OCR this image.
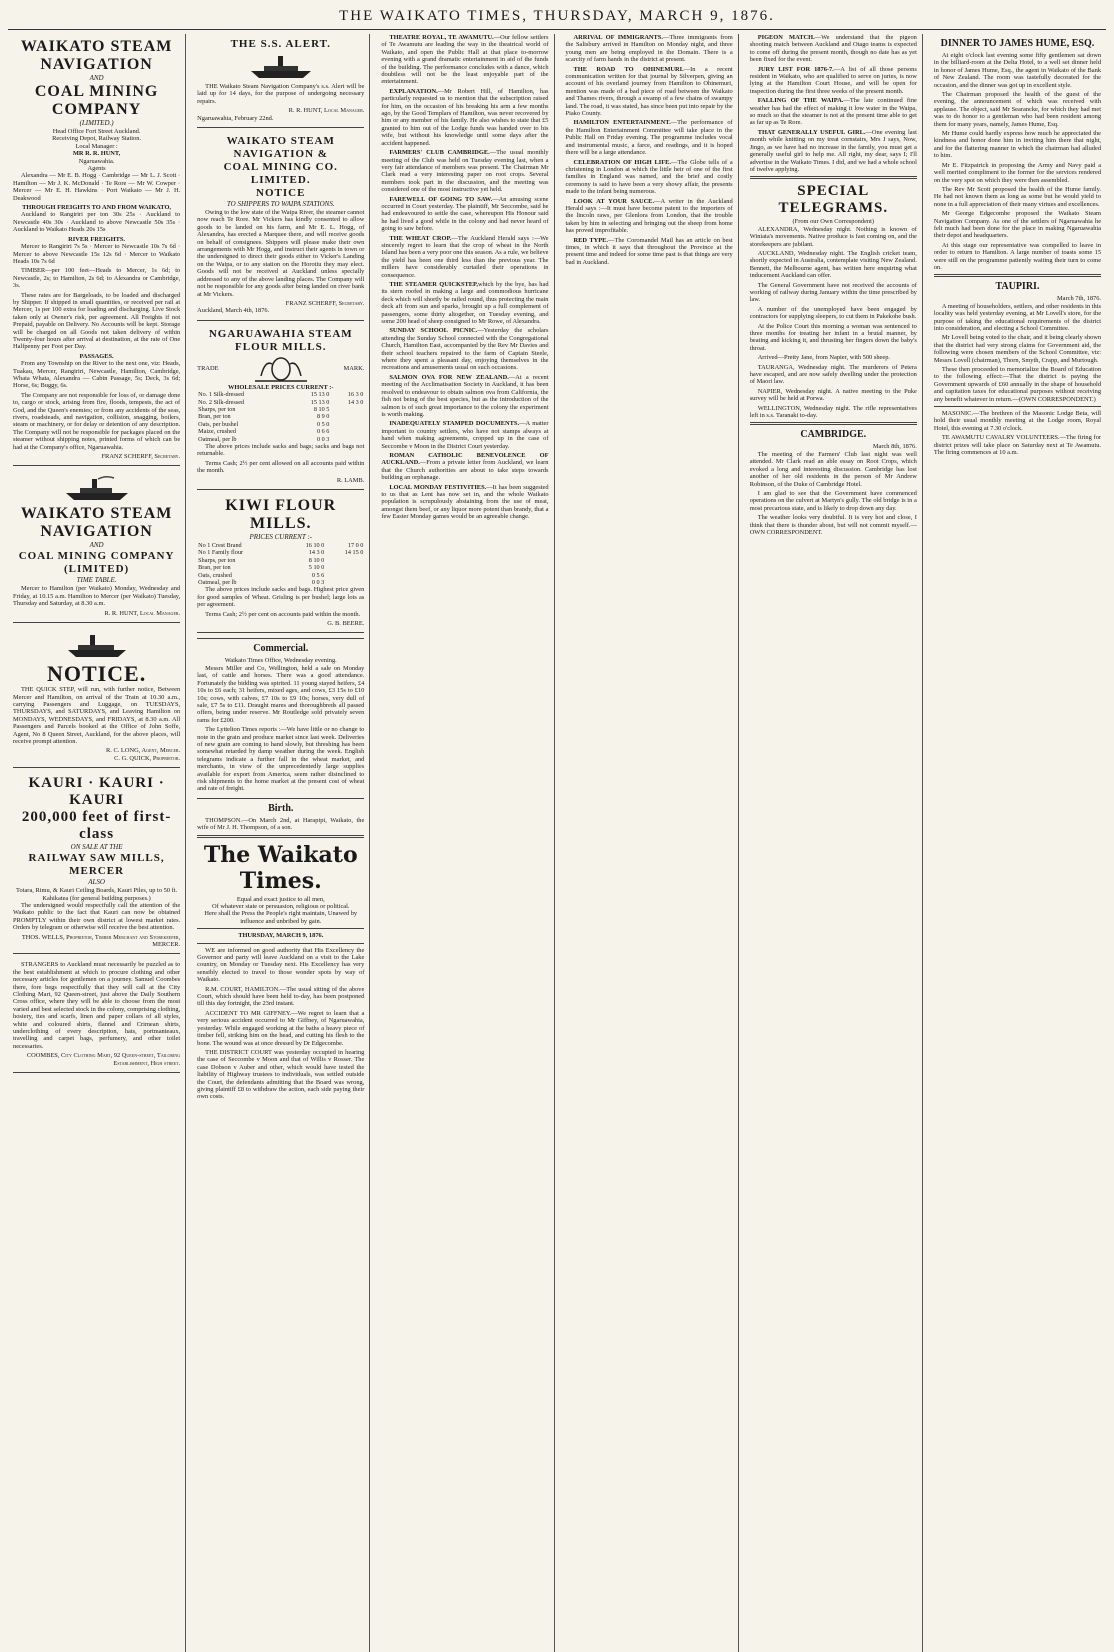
THE WAIKATO TIMES, THURSDAY, MARCH 9, 1876.
WAIKATO STEAM NAVIGATION
AND
COAL MINING COMPANY
(LIMITED.)
Head Office Fort Street Auckland.
Receiving Depot, Railway Station.
Local Manager :
MR R. R. HUNT,
Ngaruawahia.
Agents
Alexandra — Mr E. B. Hogg · Cambridge — Mr L. J. Scott · Hamilton — Mr J. K. McDonald · Te Rore — Mr W. Cowper · Mercer — Mr E. H. Hawkins · Port Waikato — Mr J. H. Deakwood
THROUGH FREIGHTS TO AND FROM WAIKATO,
Auckland to Rangiriri per ton 30s 25s · Auckland to Newcastle 40s 30s · Auckland to above Newcastle 50s 35s · Auckland to Waikato Heads 20s 15s
RIVER FREIGHTS.
Mercer to Rangiriri 7s 5s · Mercer to Newcastle 10s 7s 6d · Mercer to above Newcastle 15s 12s 6d · Mercer to Waikato Heads 10s 7s 6d
TIMBER—per 100 feet—Heads to Mercer, 1s 6d; to Newcastle, 2s; to Hamilton, 2s 6d; to Alexandra or Cambridge, 3s.
These rates are for Bargeloads, to be loaded and discharged by Shipper. If shipped in small quantities, or received per rail at Mercer, 1s per 100 extra for loading and discharging. Live Stock taken only at Owner's risk, per agreement. All Freights if not Prepaid, payable on Delivery. No Accounts will be kept. Storage will be charged on all Goods not taken delivery of within Twenty-four hours after arrival at destination, at the rate of One Halfpenny per Foot per Day.
PASSAGES.
From any Township on the River to the next one, viz: Heads, Tuakau, Mercer, Rangiriri, Newcastle, Hamilton, Cambridge, Whata Whata, Alexandra — Cabin Passage, 5s; Deck, 3s 6d; Horse, 6s; Buggy, 6s.
The Company are not responsible for loss of, or damage done to, cargo or stock, arising from fire, floods, tempests, the act of God, and the Queen's enemies; or from any accidents of the seas, rivers, roadsteads, and navigation, collision, snagging, boilers, steam or machinery, or for delay or detention of any description. The Company will not be responsible for packages placed on the steamer without shipping notes, printed forms of which can be had at the Company's office, Ngaruawahia.
FRANZ SCHERFF, Secretary.
WAIKATO STEAM NAVIGATION
AND
COAL MINING COMPANY (LIMITED)
TIME TABLE.
Mercer to Hamilton (per Waikato) Monday, Wednesday and Friday, at 10.15 a.m. Hamilton to Mercer (per Waikato) Tuesday, Thursday and Saturday, at 8.30 a.m.
R. R. HUNT, Local Manager.
NOTICE.
THE QUICK STEP, will run, with further notice, Between Mercer and Hamilton, on arrival of the Train at 10.30 a.m., carrying Passengers and Luggage, on TUESDAYS, THURSDAYS, and SATURDAYS, and Leaving Hamilton on MONDAYS, WEDNESDAYS, and FRIDAYS, at 8.30 a.m. All Passengers and Parcels booked at the Office of John Soffe, Agent, No 8 Queen Street, Auckland, for the above places, will receive prompt attention.
R. C. LONG, Agent, Mercer.
C. G. QUICK, Proprietor.
KAURI · KAURI · KAURI
200,000 feet of first-class
ON SALE AT THE
RAILWAY SAW MILLS, MERCER
ALSO
Totara, Rimu, & Kauri Ceiling Boards, Kauri Piles, up to 50 ft. Kahikatea (for general building purposes.)
The undersigned would respectfully call the attention of the Waikato public to the fact that Kauri can now be obtained PROMPTLY within their own district at lowest market rates. Orders by telegram or otherwise will receive the best attention.
THOS. WELLS, Proprietor, Timber Merchant and Storekeeper, MERCER.
STRANGERS to Auckland must necessarily be puzzled as to the best establishment at which to procure clothing and other necessary articles for gentlemen on a journey. Samuel Coombes there, fore begs respectfully that they will call at the City Clothing Mart, 92 Queen-street, just above the Daily Southern Cross office, where they will be able to choose from the most varied and best selected stock in the colony, comprising clothing, hosiery, ties and scarfs, linen and paper collars of all styles, white and coloured shirts, flannel and Crimean shirts, underclothing of every description, hats, portmanteaux, travelling and carpet bags, perfumery, and other toilet necessaries.
COOMBES, City Clothing Mart, 92 Queen-street, Tailoring Establishment, High street.
THE S.S. ALERT.
THE Waikato Steam Navigation Company's s.s. Alert will be laid up for 14 days, for the purpose of undergoing necessary repairs.
R. R. HUNT, Local Manager.
Ngaruawahia, February 22nd.
WAIKATO STEAM NAVIGATION &
COAL MINING CO. LIMITED.
NOTICE
TO SHIPPERS TO WAIPA STATIONS.
Owing to the low state of the Waipa River, the steamer cannot now reach Te Rore. Mr Vickers has kindly consented to allow goods to be landed on his farm, and Mr E. L. Hogg, of Alexandra, has erected a Marquee there, and will receive goods on behalf of consignees. Shippers will please make their own arrangements with Mr Hogg, and instruct their agents in town or the undersigned to direct their goods either to Vicker's Landing on the Waipa, or to any station on the Horotiu they may elect. Goods will not be received at Auckland unless specially addressed to any of the above landing places. The Company will not be responsible for any goods after being landed on river bank at Mr Vickers.
FRANZ SCHERFF, Secretary.
Auckland, March 4th, 1876.
NGARUAWAHIA STEAM FLOUR MILLS.
TRADE	MARK.
WHOLESALE PRICES CURRENT :-
No. 1 Silk-dressed	15 13 0	16 3 0
No. 2 Silk-dressed	15 13 0	14 3 0
Sharps, per ton	8 10 5	
Bran, per ton	8 9 0	
Oats, per bushel	0 5 0	
Maize, crushed	0 6 6	
Oatmeal, per lb	0 0 3	
The above prices include sacks and bags; sacks and bags not returnable.
Terms Cash; 2½ per cent allowed on all accounts paid within the month.
R. LAMB.
KIWI FLOUR MILLS.
PRICES CURRENT :-
No 1 Crest Brand	16 10 0	17 0 0
No 1 Family flour	14 3 0	14 15 0
Sharps, per ton	8 10 0	
Bran, per ton	5 10 0	
Oats, crushed	0 5 6	
Oatmeal, per lb	0 0 3	
The above prices include sacks and bags. Highest price given for good samples of Wheat. Grisling is per bushel; large lots as per agreement.
Terms Cash; 2½ per cent on accounts paid within the month.
G. B. BEERE.
Commercial.
Waikato Times Office, Wednesday evening.
Messrs Miller and Co, Wellington, held a sale on Monday last, of cattle and horses. There was a good attendance. Fortunately the bidding was spirited. 11 young stayed heifers, £4 10s to £6 each; 31 heifers, mixed ages, and cows, £3 15s to £10 10s; cows, with calves, £7 10s to £9 10s; horses, very dull of sale, £7 5s to £11. Draught mares and thoroughbreds all passed offers, being under reserve. Mr Routledge sold privately seven rams for £200.
The Lyttelton Times reports :—We have little or no change to note in the grain and produce market since last week. Deliveries of new grain are coming to hand slowly, but threshing has been somewhat retarded by damp weather during the week. English telegrams indicate a further fall in the wheat market, and merchants, in view of the unprecedentedly large supplies available for export from America, seem rather disinclined to risk shipments to the home market at the present cost of wheat and rate of freight.
Birth.
THOMPSON.—On March 2nd, at Harapipi, Waikato, the wife of Mr J. H. Thompson, of a son.
The Waikato Times.
Equal and exact justice to all men,
Of whatever state or persuasion, religious or political.
Here shall the Press the People's right maintain, Unawed by influence and unbribed by gain.
THURSDAY, MARCH 9, 1876.
WE are informed on good authority that His Excellency the Governor and party will leave Auckland on a visit to the Lake country, on Monday or Tuesday next. His Excellency has very sensibly elected to travel to those wonder spots by way of Waikato.
R.M. COURT, HAMILTON.—The usual sitting of the above Court, which should have been held to-day, has been postponed till this day fortnight, the 23rd instant.
ACCIDENT TO MR GIFFNEY.—We regret to learn that a very serious accident occurred to Mr Giffney, of Ngaruawahia, yesterday. While engaged working at the baths a heavy piece of timber fell, striking him on the head, and cutting his flesh to the bone. The wound was at once dressed by Dr Edgecombe.
THE DISTRICT COURT was yesterday occupied in hearing the case of Seccombe v Moon and that of Willis v Rosser. The case Dobson v Auber and other, which would have tested the liability of Highway trustees to individuals, was settled outside the Court, the defendants admitting that the Board was wrong, giving plaintiff £8 to withdraw the action, each side paying their own costs.
THEATRE ROYAL, TE AWAMUTU.—Our fellow settlers of Te Awamutu are leading the way in the theatrical world of Waikato, and open the Public Hall at that place to-morrow evening with a grand dramatic entertainment in aid of the funds of the building. The performance concludes with a dance, which doubtless will not be the least enjoyable part of the entertainment.
EXPLANATION.—Mr Robert Hill, of Hamilton, has particularly requested us to mention that the subscription raised for him, on the occasion of his breaking his arm a few months ago, by the Good Templars of Hamilton, was never recovered by him or any member of his family. He also wishes to state that £5 granted to him out of the Lodge funds was handed over to his wife, but without his knowledge until some days after the accident happened.
FARMERS' CLUB CAMBRIDGE.—The usual monthly meeting of the Club was held on Tuesday evening last, when a very fair attendance of members was present. The Chairman Mr Clark read a very interesting paper on root crops. Several members took part in the discussion, and the meeting was considered one of the most instructive yet held.
FAREWELL OF GOING TO SAW.—An amusing scene occurred in Court yesterday. The plaintiff, Mr Seccombe, said he had endeavoured to settle the case, whereupon His Honour said he had lived a good while in the colony and had never heard of going to saw before.
THE WHEAT CROP.—The Auckland Herald says :—We sincerely regret to learn that the crop of wheat in the North Island has been a very poor one this season. As a rule, we believe the yield has been one third less than the previous year. The millers have considerably curtailed their operations in consequence.
THE STEAMER QUICKSTEP,which by the bye, has had its stern roofed in making a large and commodious hurricane deck which will shortly be railed round, thus protecting the main deck aft from sun and sparks, brought up a full complement of passengers, some thirty altogether, on Tuesday evening, and some 200 head of sheep consigned to Mr Rowe, of Alexandra.
SUNDAY SCHOOL PICNIC.—Yesterday the scholars attending the Sunday School connected with the Congregational Church, Hamilton East, accompanied by the Rev Mr Davies and their school teachers repaired to the farm of Captain Steele, where they spent a pleasant day, enjoying themselves in the recreations and amusements usual on such occasions.
SALMON OVA FOR NEW ZEALAND.—At a recent meeting of the Acclimatisation Society in Auckland, it has been resolved to endeavour to obtain salmon ova from California, the fish not being of the best species, but as the introduction of the salmon is of such great importance to the colony the experiment is worth making.
INADEQUATELY STAMPED DOCUMENTS.—A matter important to country settlers, who have not stamps always at hand when making agreements, cropped up in the case of Seccombe v Moon in the District Court yesterday.
ROMAN CATHOLIC BENEVOLENCE OF AUCKLAND.—From a private letter from Auckland, we learn that the Church authorities are about to take steps towards building an orphanage.
LOCAL MONDAY FESTIVITIES.—It has been suggested to us that as Lent has now set in, and the whole Waikato population is scrupulously abstaining from the use of meat, amongst them beef, or any liquor more potent than brandy, that a few Easter Monday games would be an agreeable change.
ARRIVAL OF IMMIGRANTS.—Three immigrants from the Salisbury arrived in Hamilton on Monday night, and three young men are being employed in the Domain. There is a scarcity of farm hands in the district at present.
THE ROAD TO OHINEMURI.—In a recent communication written for that journal by Silverpen, giving an account of his overland journey from Hamilton to Ohinemuri, mention was made of a bad piece of road between the Waikato and Thames rivers, through a swamp of a few chains of swampy land. The road, it was stated, has since been put into repair by the Piako County.
HAMILTON ENTERTAINMENT.—The performance of the Hamilton Entertainment Committee will take place in the Public Hall on Friday evening. The programme includes vocal and instrumental music, a farce, and readings, and it is hoped there will be a large attendance.
CELEBRATION OF HIGH LIFE.—The Globe tells of a christening in London at which the little heir of one of the first families in England was named, and the brief and costly ceremony is said to have been a very showy affair, the presents made to the infant being numerous.
LOOK AT YOUR SAUCE.—A writer in the Auckland Herald says :—It must have become patent to the importers of the lincoln raws, per Glenlora from London, that the trouble taken by him in selecting and bringing out the sheep from home has proved improfitable.
RED TYPE.—The Coromandel Mail has an article on best times, in which it says that throughout the Province at the present time and indeed for some time past is that things are very bad in Auckland.
PIGEON MATCH.—We understand that the pigeon shooting match between Auckland and Otago teams is expected to come off during the present month, though no date has as yet been fixed for the event.
JURY LIST FOR 1876-7.—A list of all those persons resident in Waikato, who are qualified to serve on juries, is now lying at the Hamilton Court House, and will be open for inspection during the first three weeks of the present month.
FALLING OF THE WAIPA.—The late continued fine weather has had the effect of making it low water in the Waipa, so much so that the steamer is not at the present time able to get as far up as Te Rore.
THAT GENERALLY USEFUL GIRL.—One evening last month while knitting on my treat cornstairs, Mrs J says, Now, Jingo, as we have had no increase in the family, you must get a generally useful girl to help me. All right, my dear, says I; I'll advertise in the Waikato Times. I did, and we had a whole school of twelve applying.
SPECIAL TELEGRAMS.
(From our Own Correspondent)
ALEXANDRA, Wednesday night. Nothing is known of Winiata's movements. Native produce is fast coming on, and the storekeepers are jubilant.
AUCKLAND, Wednesday night. The English cricket team, shortly expected in Australia, contemplate visiting New Zealand. Bennett, the Melbourne agent, has written here enquiring what inducement Auckland can offer.
The General Government have not received the accounts of working of railway during January within the time prescribed by law.
A number of the unemployed have been engaged by contractors for supplying sleepers, to cut them in Pakekohe bush.
At the Police Court this morning a woman was sentenced to three months for treating her infant in a brutal manner, by beating and kicking it, and thrusting her fingers down the baby's throat.
Arrived—Pretty Jane, from Napier, with 500 sheep.
TAURANGA, Wednesday night. The murderers of Petera have escaped, and are now safely dwelling under the protection of Maori law.
NAPIER, Wednesday night. A native meeting to the Puke survey will be held at Porwa.
WELLINGTON, Wednesday night. The rifle representatives left in s.s. Taranaki to-day.
CAMBRIDGE.
March 8th, 1876.
The meeting of the Farmers' Club last night was well attended. Mr Clark read an able essay on Root Crops, which evoked a long and interesting discussion. Cambridge has lost another of her old residents in the person of Mr Andrew Robinson, of the Duke of Cambridge Hotel.
I am glad to see that the Government have commenced operations on the culvert at Martyn's gully. The old bridge is in a most precarious state, and is likely to drop down any day.
The weather looks very doubtful. It is very hot and close, I think that there is thunder about, but will not commit myself.—OWN CORRESPONDENT.
DINNER TO JAMES HUME, ESQ.
At eight o'clock last evening some fifty gentlemen sat down in the billiard-room at the Delta Hotel, to a well set dinner held in honor of James Hume, Esq., the agent in Waikato of the Bank of New Zealand. The room was tastefully decorated for the occasion, and the dinner was got up in excellent style.
The Chairman proposed the health of the guest of the evening, the announcement of which was received with applause. The object, said Mr Searancke, for which they had met was to do honor to a gentleman who had been resident among them for many years, namely, James Hume, Esq.
Mr Hume could hardly express how much he appreciated the kindness and honor done him in inviting him there that night, and for the flattering manner in which the chairman had alluded to him.
Mr E. Fitzpatrick in proposing the Army and Navy paid a well merited compliment to the former for the services rendered on the very spot on which they were then assembled.
The Rev Mr Scott proposed the health of the Hume family. He had not known them as long as some but he would yield to none in a full appreciation of their many virtues and excellences.
Mr George Edgecombe proposed the Waikato Steam Navigation Company. As one of the settlers of Ngaruawahia he felt much had been done for the place in making Ngaruawahia their depot and headquarters.
At this stage our representative was compelled to leave in order to return to Hamilton. A large number of toasts some 15 were still on the programme patiently waiting their turn to come on.
TAUPIRI.
March 7th, 1876.
A meeting of householders, settlers, and other residents in this locality was held yesterday evening, at Mr Lovell's store, for the purpose of taking the educational requirements of the district into consideration, and electing a School Committee.
Mr Lovell being voted to the chair, and it being clearly shown that the district had very strong claims for Government aid, the following were chosen members of the School Committee, viz: Messrs Lovell (chairman), Thorn, Smyth, Crapp, and Murtough.
These then proceeded to memorialize the Board of Education to the following effect:—That the district is paying the Government upwards of £60 annually in the shape of household and capitation taxes for educational purposes without receiving any benefit whatever in return.—(OWN CORRESPONDENT.)
MASONIC.—The brethren of the Masonic Lodge Beta, will hold their usual monthly meeting at the Lodge room, Royal Hotel, this evening at 7.30 o'clock.
TE AWAMUTU CAVALRY VOLUNTEERS.—The firing for district prizes will take place on Saturday next at Te Awamutu. The firing commences at 10 a.m.
